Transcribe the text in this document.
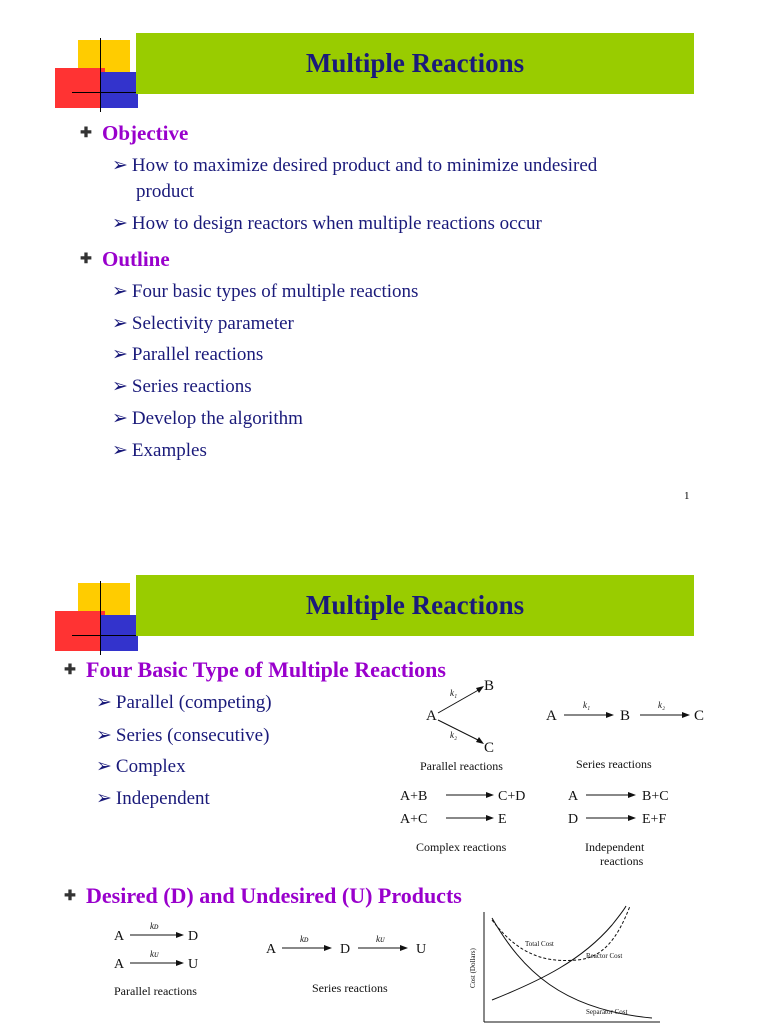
Multiple Reactions
✚ Objective
➢ How to maximize desired product and to minimize undesired
product
➢ How to design reactors when multiple reactions occur
✚ Outline
➢ Four basic types of multiple reactions
➢ Selectivity parameter
➢ Parallel reactions
➢ Series reactions
➢ Develop the algorithm
➢ Examples
1
Multiple Reactions
✚ Four Basic Type of Multiple Reactions
➢ Parallel (competing)
➢ Series (consecutive)
➢ Complex
➢ Independent
A
B
C
k₁
k₂
Parallel reactions
A
k₁
B
k₂
C
Series reactions
A+B	C+D
A+C	E
Complex reactions
A	B+C
D	E+F
Independent
reactions
✚ Desired (D) and Undesired (U) Products
A
kᴅ
D
A
kᴜ
U
Parallel reactions
A
kᴅ
D
kᴜ
U
Series reactions	Cost (Dollars)
Total Cost
Reactor Cost
Separator Cost
